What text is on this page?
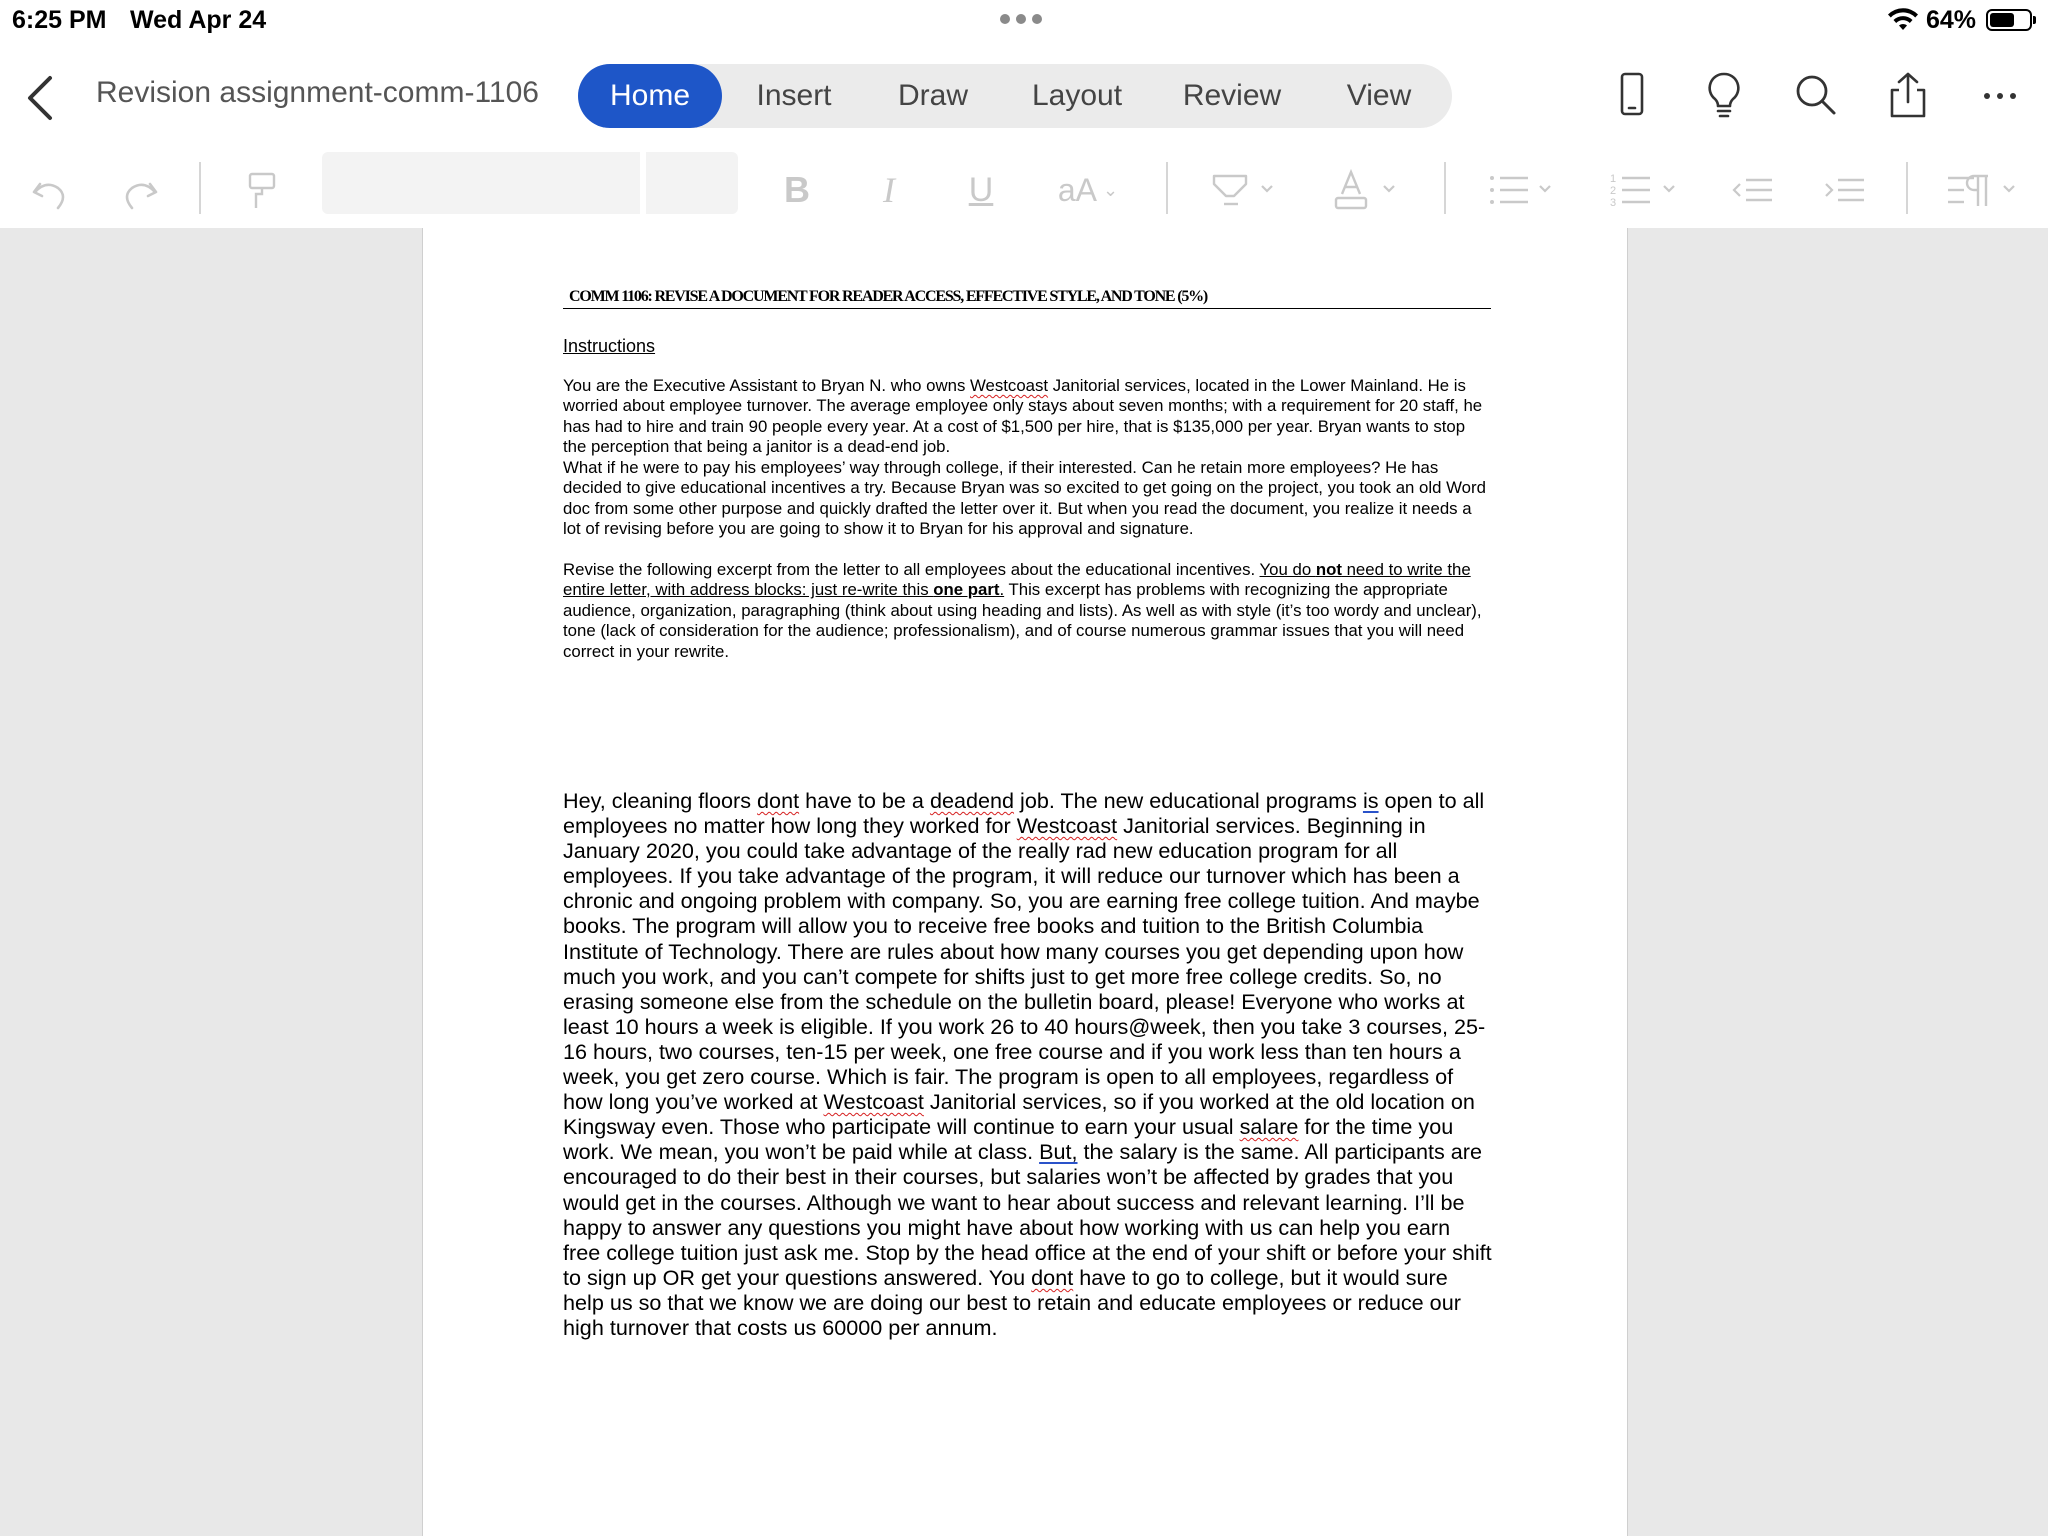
6:25 PM Wed Apr 24	64%
Revision assignment-comm-1106	Home	Insert	Draw	Layout	Review	View
B	I	U	aA ⌄
1
2
3
COMM 1106: REVISE A DOCUMENT FOR READER ACCESS, EFFECTIVE STYLE, AND TONE (5%)
Instructions
You are the Executive Assistant to Bryan N. who owns Westcoast Janitorial services, located in the Lower Mainland. He is worried about employee turnover. The average employee only stays about seven months; with a requirement for 20 staff, he has had to hire and train 90 people every year. At a cost of $1,500 per hire, that is $135,000 per year. Bryan wants to stop the perception that being a janitor is a dead-end job.
What if he were to pay his employees’ way through college, if their interested. Can he retain more employees? He has decided to give educational incentives a try. Because Bryan was so excited to get going on the project, you took an old Word doc from some other purpose and quickly drafted the letter over it. But when you read the document, you realize it needs a lot of revising before you are going to show it to Bryan for his approval and signature.
Revise the following excerpt from the letter to all employees about the educational incentives. You do not need to write the entire letter, with address blocks: just re-write this one part. This excerpt has problems with recognizing the appropriate audience, organization, paragraphing (think about using heading and lists). As well as with style (it’s too wordy and unclear), tone (lack of consideration for the audience; professionalism), and of course numerous grammar issues that you will need correct in your rewrite.
Hey, cleaning floors dont have to be a deadend job. The new educational programs is open to all employees no matter how long they worked for Westcoast Janitorial services. Beginning in January 2020, you could take advantage of the really rad new education program for all employees. If you take advantage of the program, it will reduce our turnover which has been a chronic and ongoing problem with company. So, you are earning free college tuition. And maybe books. The program will allow you to receive free books and tuition to the British Columbia Institute of Technology. There are rules about how many courses you get depending upon how much you work, and you can’t compete for shifts just to get more free college credits. So, no erasing someone else from the schedule on the bulletin board, please! Everyone who works at least 10 hours a week is eligible. If you work 26 to 40 hours@week, then you take 3 courses, 25-16 hours, two courses, ten-15 per week, one free course and if you work less than ten hours a week, you get zero course. Which is fair. The program is open to all employees, regardless of how long you’ve worked at Westcoast Janitorial services, so if you worked at the old location on Kingsway even. Those who participate will continue to earn your usual salare for the time you work. We mean, you won’t be paid while at class. But, the salary is the same. All participants are encouraged to do their best in their courses, but salaries won’t be affected by grades that you would get in the courses. Although we want to hear about success and relevant learning. I’ll be happy to answer any questions you might have about how working with us can help you earn free college tuition just ask me. Stop by the head office at the end of your shift or before your shift to sign up OR get your questions answered. You dont have to go to college, but it would sure help us so that we know we are doing our best to retain and educate employees or reduce our high turnover that costs us 60000 per annum.
